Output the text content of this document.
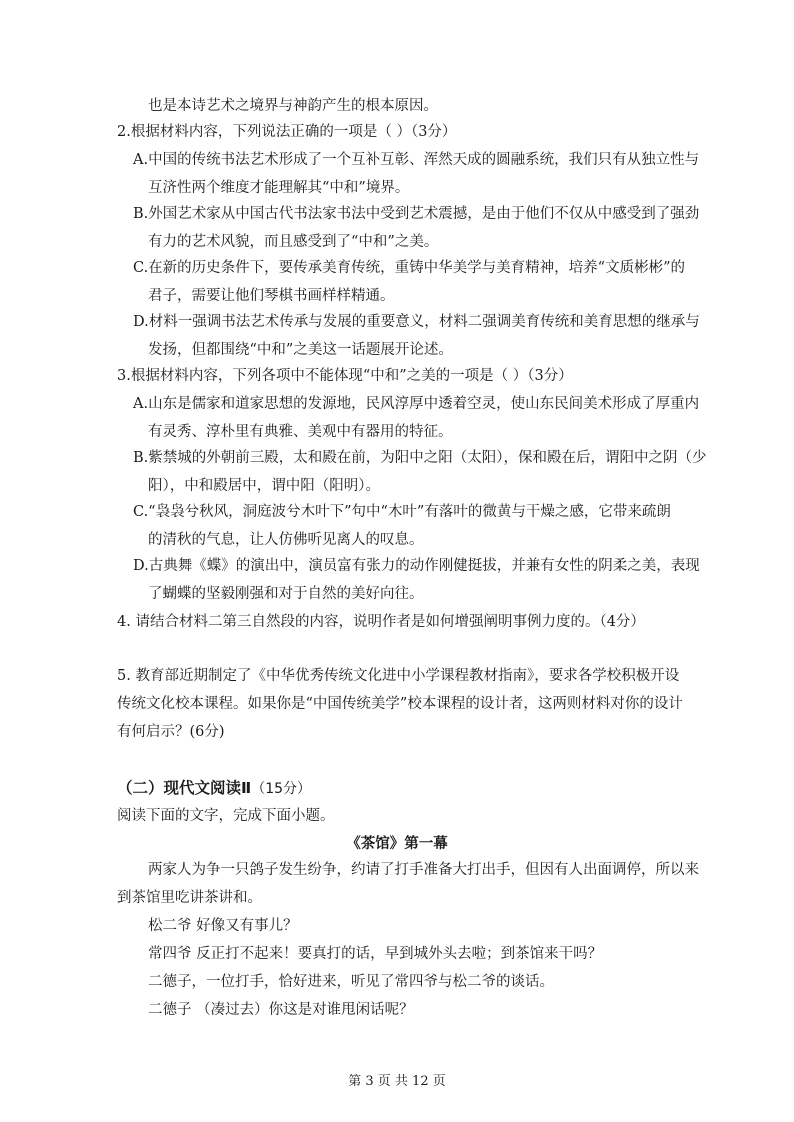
也是本诗艺术之境界与神韵产生的根本原因。
2.根据材料内容，下列说法正确的一项是（ ）（3分）
A.中国的传统书法艺术形成了一个互补互彰、浑然天成的圆融系统，我们只有从独立性与
互济性两个维度才能理解其“中和”境界。
B.外国艺术家从中国古代书法家书法中受到艺术震撼，是由于他们不仅从中感受到了强劲
有力的艺术风貌，而且感受到了“中和”之美。
C.在新的历史条件下，要传承美育传统，重铸中华美学与美育精神，培养“文质彬彬”的
君子，需要让他们琴棋书画样样精通。
D.材料一强调书法艺术传承与发展的重要意义，材料二强调美育传统和美育思想的继承与
发扬，但都围绕“中和”之美这一话题展开论述。
3.根据材料内容，下列各项中不能体现“中和”之美的一项是（ ）（3分）
A.山东是儒家和道家思想的发源地，民风淳厚中透着空灵，使山东民间美术形成了厚重内
有灵秀、淳朴里有典雅、美观中有器用的特征。
B.紫禁城的外朝前三殿，太和殿在前，为阳中之阳（太阳），保和殿在后，谓阳中之阴（少
阳），中和殿居中，谓中阳（阳明）。
C.“袅袅兮秋风，洞庭波兮木叶下”句中“木叶”有落叶的微黄与干燥之感，它带来疏朗
的清秋的气息，让人仿佛听见离人的叹息。
D.古典舞《蝶》的演出中，演员富有张力的动作刚健挺拔，并兼有女性的阴柔之美，表现
了蝴蝶的坚毅刚强和对于自然的美好向往。
4. 请结合材料二第三自然段的内容，说明作者是如何增强阐明事例力度的。（4分）
5. 教育部近期制定了《中华优秀传统文化进中小学课程教材指南》，要求各学校积极开设
传统文化校本课程。如果你是“中国传统美学”校本课程的设计者，这两则材料对你的设计
有何启示？(6分)
（二）现代文阅读Ⅱ（15分）
阅读下面的文字，完成下面小题。
《茶馆》第一幕
两家人为争一只鸽子发生纷争，约请了打手准备大打出手，但因有人出面调停，所以来
到茶馆里吃讲茶讲和。
松二爷 好像又有事儿？
常四爷 反正打不起来！要真打的话，早到城外头去啦；到茶馆来干吗？
二德子，一位打手，恰好进来，听见了常四爷与松二爷的谈话。
二德子 （凑过去）你这是对谁甩闲话呢？
第 3 页 共 12 页
